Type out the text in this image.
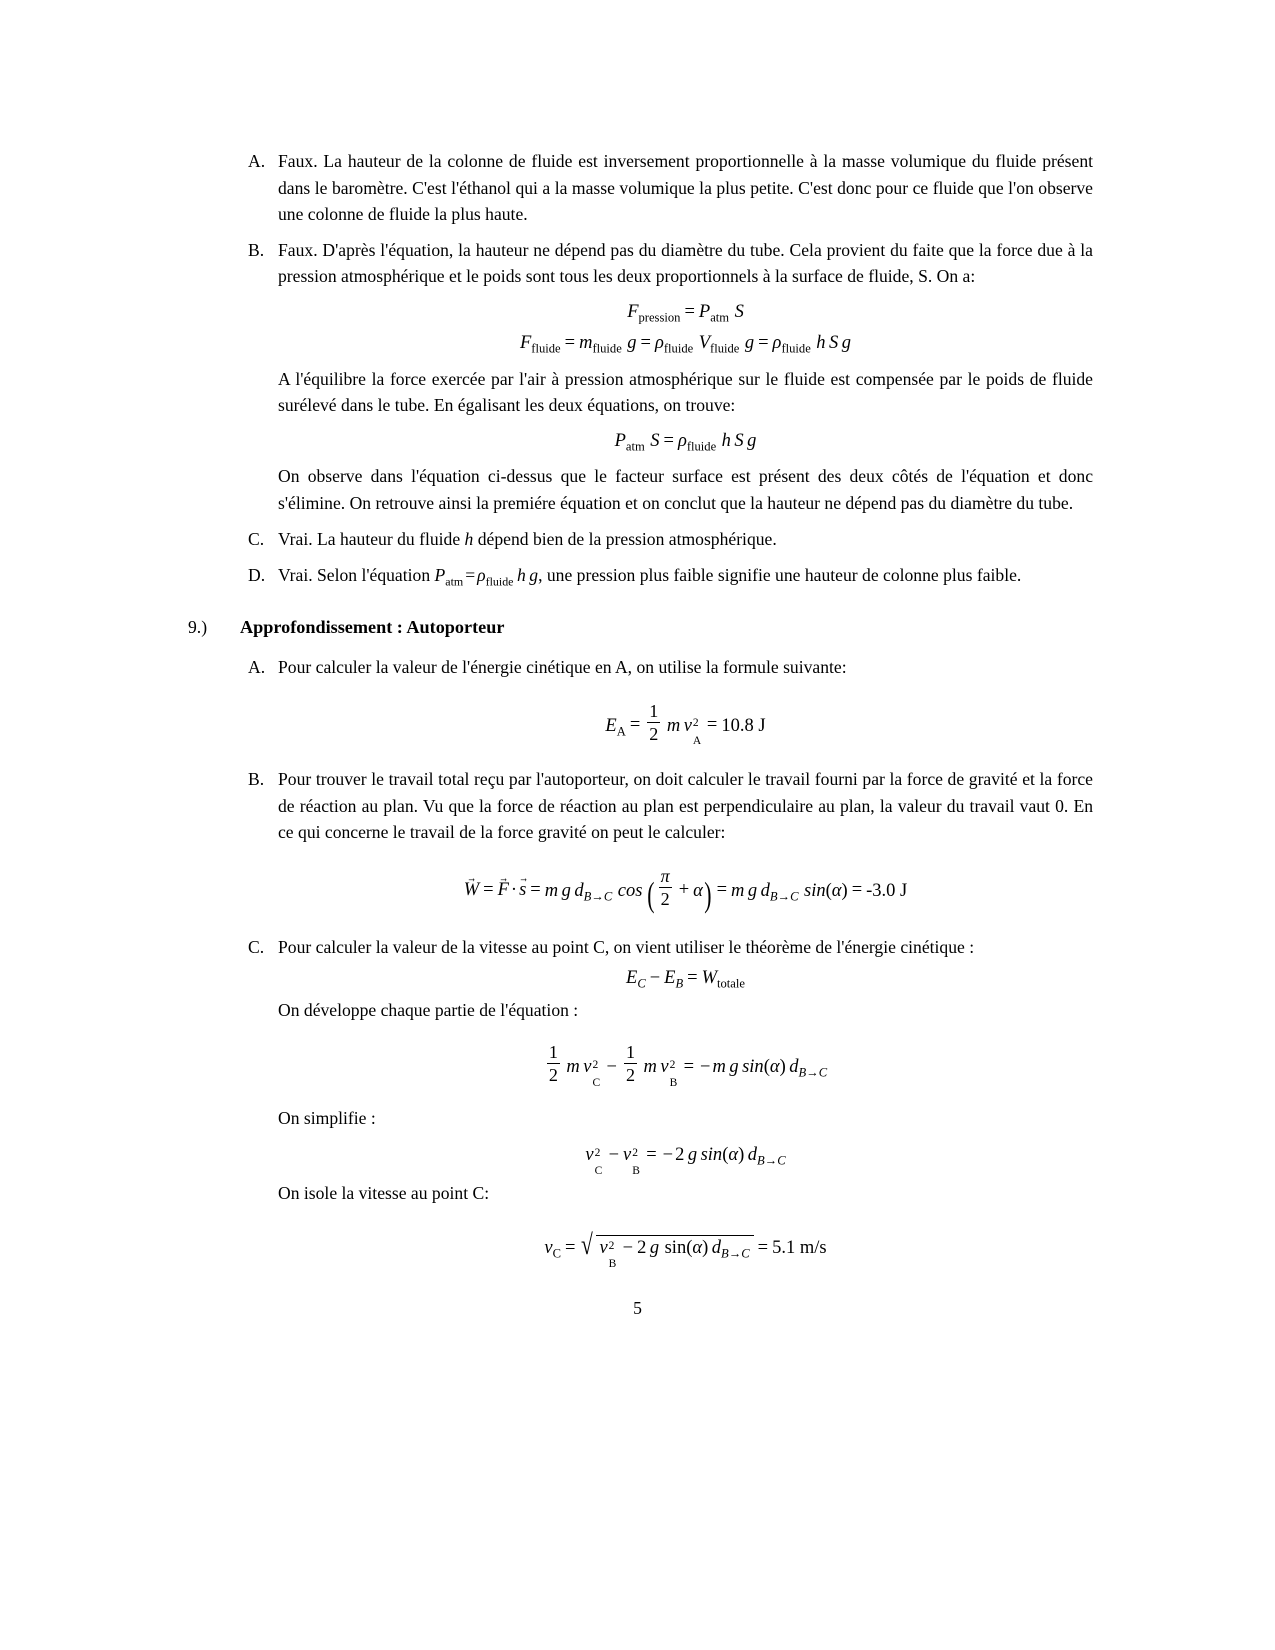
A. Faux. La hauteur de la colonne de fluide est inversement proportionnelle à la masse volumique du fluide présent dans le baromètre. C'est l'éthanol qui a la masse volumique la plus petite. C'est donc pour ce fluide que l'on observe une colonne de fluide la plus haute.
B. Faux. D'après l'équation, la hauteur ne dépend pas du diamètre du tube. Cela provient du faite que la force due à la pression atmosphérique et le poids sont tous les deux proportionnels à la surface de fluide, S. On a:
$F_{pression} = P_{atm}$ S
$F_{fluide} = m_{fluide}$ $g = \rho_{fluide}$ $V_{fluide}$ $g = \rho_{fluide}$ h S g
A l'équilibre la force exercée par l'air à pression atmosphérique sur le fluide est compensée par le poids de fluide surélevé dans le tube. En égalisant les deux équations, on trouve:
$P_{atm}$ $S = \rho_{fluide}$ h S g
On observe dans l'équation ci-dessus que le facteur surface est présent des deux côtés de l'équation et donc s'élimine. On retrouve ainsi la premiére équation et on conclut que la hauteur ne dépend pas du diamètre du tube.
C. Vrai. La hauteur du fluide h dépend bien de la pression atmosphérique.
D. Vrai. Selon l'équation $P_{atm} = \rho_{fluide}$ h g, une pression plus faible signifie une hauteur de colonne plus faible.
9.) Approfondissement : Autoporteur
A. Pour calculer la valeur de l'énergie cinétique en A, on utilise la formule suivante:
$E_A = \frac{1}{2}$ m v 2
A
= 10.8 J
B. Pour trouver le travail total reçu par l'autoporteur, on doit calculer le travail fourni par la force de gravité et la force de réaction au plan. Vu que la force de réaction au plan est perpendiculaire au plan, la valeur du travail vaut 0. En ce qui concerne le travail de la force gravité on peut le calculer:
W → = F → · s → = m g $d_{B\to C}$ cos ( $\frac{\pi}{2} + \alpha) = m$ g $d_{B\to C}$ sin(α) = -3.0 J
C. Pour calculer la valeur de la vitesse au point C, on vient utiliser le théorème de l'énergie cinétique :
$E_C - E_B = W_{totale}$
On développe chaque partie de l'équation :
$\frac{1}{2}$ m v 2
C
− $\frac{1}{2}$ m v 2
B
= − m g sin(α) $d_{B\to C}$
On simplifie :
v 2
C
− v 2
B
= − 2 g sin(α) $d_{B\to C}$
On isole la vitesse au point C:
$v_C$ = √ v 2
B
− 2 g sin(α) $d_{B\to C} = 5.1$ m/s
5
